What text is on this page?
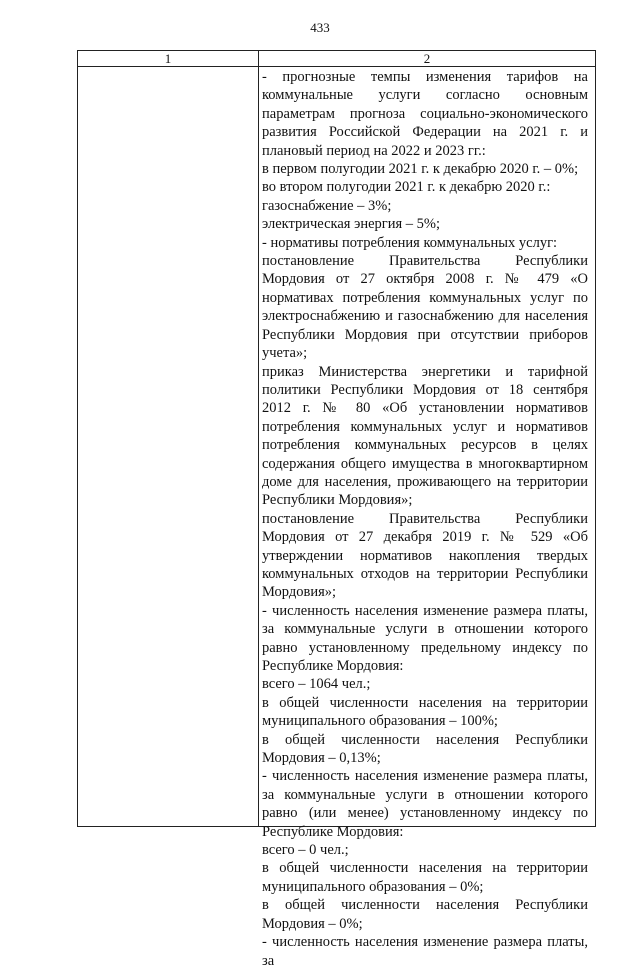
433
1	2

- прогнозные темпы изменения тарифов на коммунальные услуги согласно основным параметрам прогноза социально-экономического развития Российской Федерации на 2021 г. и плановый период на 2022 и 2023 гг.:

в первом полугодии 2021 г. к декабрю 2020 г. – 0%;

во втором полугодии 2021 г. к декабрю 2020 г.:

газоснабжение – 3%;

электрическая энергия – 5%;

- нормативы потребления коммунальных услуг:

постановление Правительства Республики Мордовия от 27 октября 2008 г. № 479 «О нормативах потребления коммунальных услуг по электроснабжению и газоснабжению для населения Республики Мордовия при отсутствии приборов учета»;

приказ Министерства энергетики и тарифной политики Республики Мордовия от 18 сентября 2012 г. № 80 «Об установлении нормативов потребления коммунальных услуг и нормативов потребления коммунальных ресурсов в целях содержания общего имущества в многоквартирном доме для населения, проживающего на территории Республики Мордовия»;

постановление Правительства Республики Мордовия от 27 декабря 2019 г. № 529 «Об утверждении нормативов накопления твердых коммунальных отходов на территории Республики Мордовия»;

- численность населения изменение размера платы, за коммунальные услуги в отношении которого равно установленному предельному индексу по Республике Мордовия:

всего – 1064 чел.;

в общей численности населения на территории муниципального образования – 100%;

в общей численности населения Республики Мордовия – 0,13%;

- численность населения изменение размера платы, за коммунальные услуги в отношении которого равно (или менее) установленному индексу по Республике Мордовия:

всего – 0 чел.;

в общей численности населения на территории муниципального образования – 0%;

в общей численности населения Республики Мордовия – 0%;

- численность населения изменение размера платы, за
